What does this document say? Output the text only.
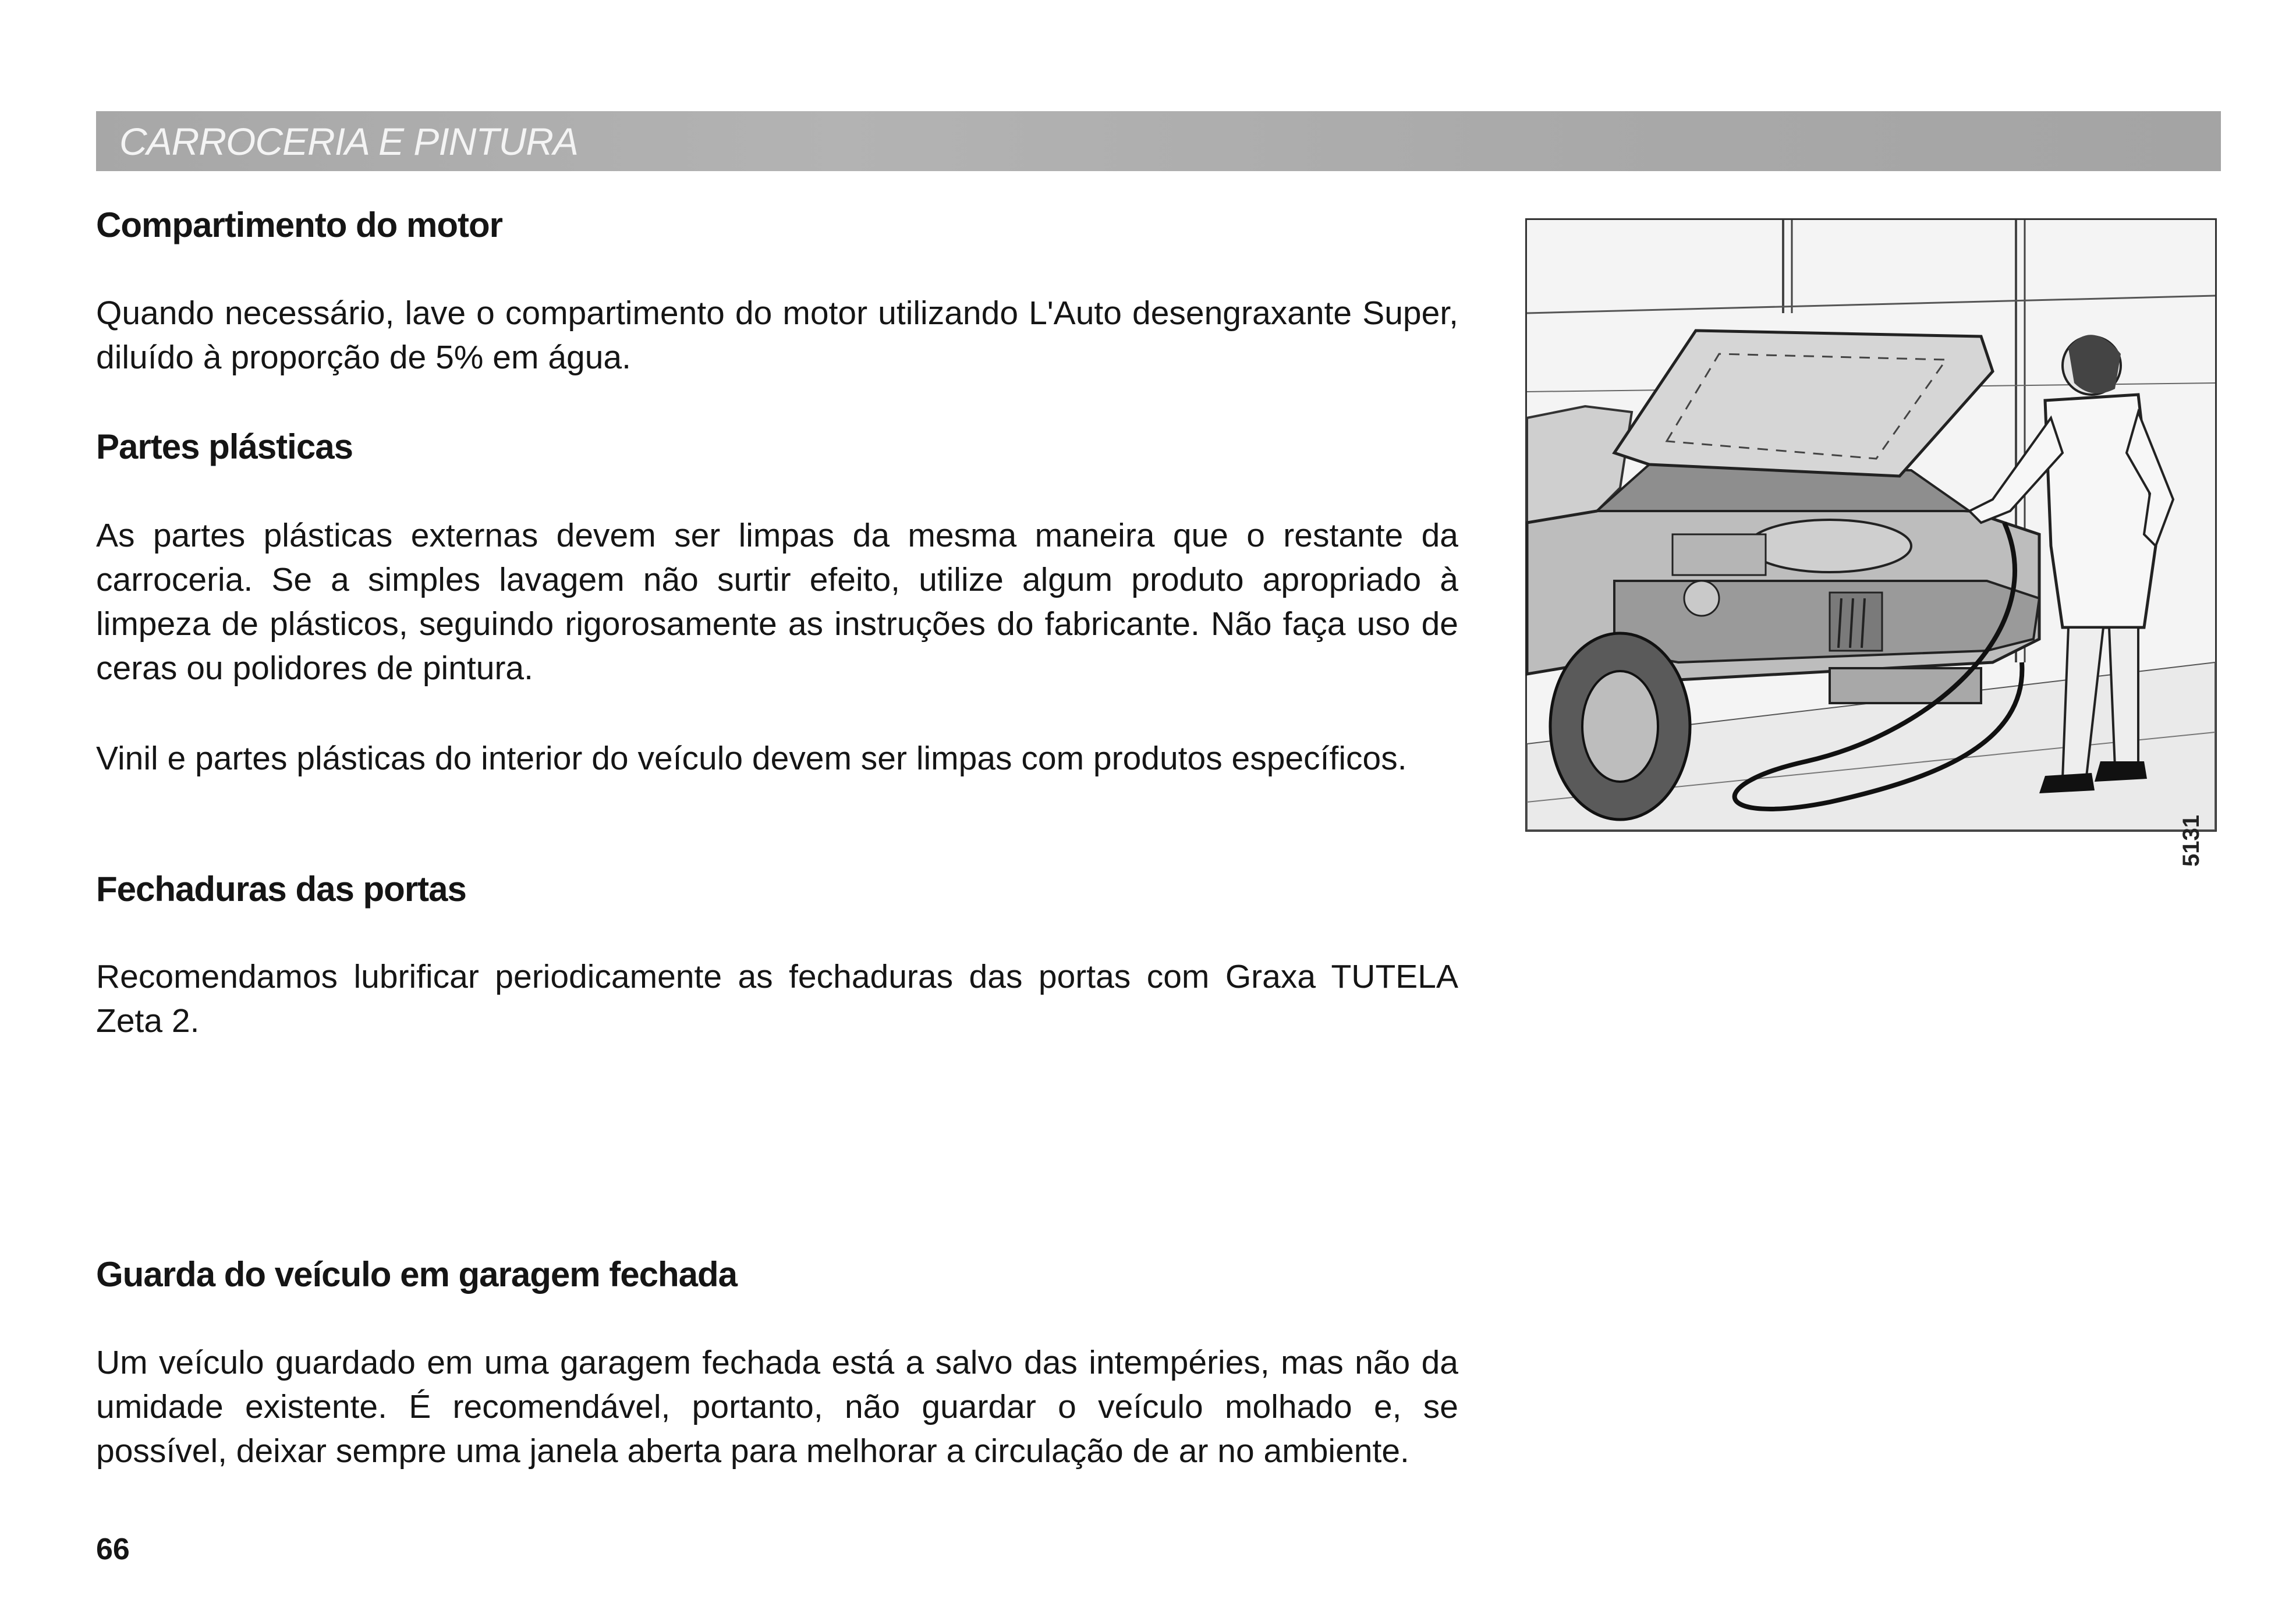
CARROCERIA E PINTURA
Compartimento do motor

Quando necessário, lave o compartimento do motor utilizando L'Auto desengraxante Super, diluído à proporção de 5% em água.

Partes plásticas

As partes plásticas externas devem ser limpas da mesma maneira que o restante da carroceria. Se a simples lavagem não surtir efeito, utilize algum produto apropriado à limpeza de plásticos, seguindo rigorosamente as instruções do fabricante. Não faça uso de ceras ou polidores de pintura.

Vinil e partes plásticas do interior do veículo devem ser limpas com produtos específicos.

Fechaduras das portas

Recomendamos lubrificar periodicamente as fechaduras das portas com Graxa TUTELA Zeta 2.

Guarda do veículo em garagem fechada

Um veículo guardado em uma garagem fechada está a salvo das intempéries, mas não da umidade existente. É recomendável, portanto, não guardar o veículo molhado e, se possível, deixar sempre uma janela aberta para melhorar a circulação de ar no ambiente.

5131
66
